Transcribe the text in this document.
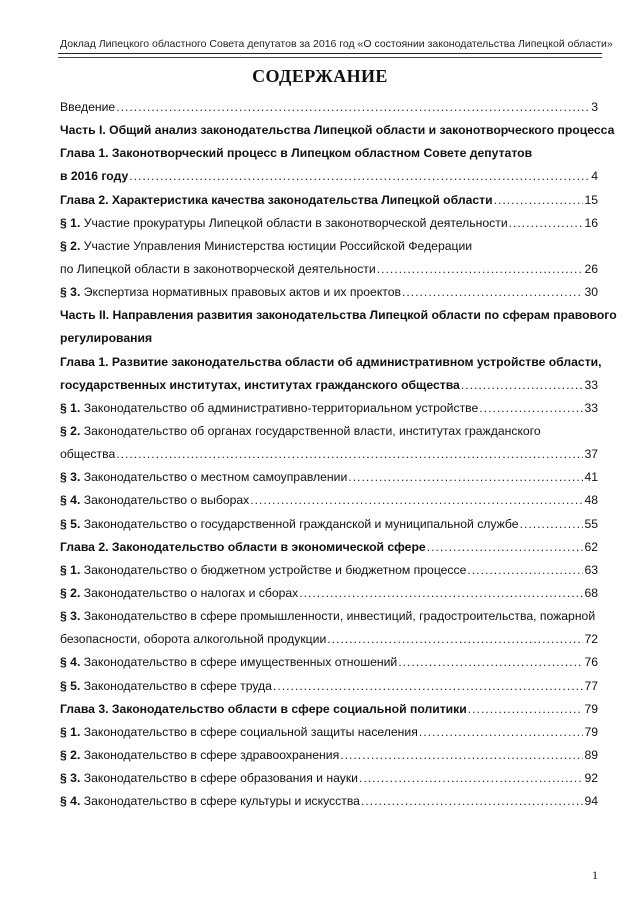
Доклад Липецкого областного Совета депутатов за 2016 год «О состоянии законодательства Липецкой области»
СОДЕРЖАНИЕ
Введение .....	3
Часть I. Общий анализ законодательства Липецкой области и законотворческого процесса
Глава 1. Законотворческий процесс в Липецком областном Совете депутатов
в 2016 году .....	4
Глава 2. Характеристика качества законодательства Липецкой области .....	15
§ 1. Участие прокуратуры Липецкой области в законотворческой деятельности .....	16
§ 2. Участие Управления Министерства юстиции Российской Федерации
по Липецкой области в законотворческой деятельности .....	26
§ 3. Экспертиза нормативных правовых актов и их проектов .....	30
Часть II. Направления развития законодательства Липецкой области по сферам правового
регулирования
Глава 1. Развитие законодательства области об административном устройстве области,
государственных институтах, институтах гражданского общества .....	33
§ 1. Законодательство об административно-территориальном устройстве .....	33
§ 2. Законодательство об органах государственной власти, институтах гражданского
общества .....	37
§ 3. Законодательство о местном самоуправлении .....	41
§ 4. Законодательство о выборах .....	48
§ 5. Законодательство о государственной гражданской и муниципальной службе .....	55
Глава 2. Законодательство области в экономической сфере .....	62
§ 1. Законодательство о бюджетном устройстве и бюджетном процессе .....	63
§ 2. Законодательство о налогах и сборах .....	68
§ 3. Законодательство в сфере промышленности, инвестиций, градостроительства, пожарной
безопасности, оборота алкогольной продукции .....	72
§ 4. Законодательство в сфере имущественных отношений .....	76
§ 5. Законодательство в сфере труда .....	77
Глава 3. Законодательство области в сфере социальной политики .....	79
§ 1. Законодательство в сфере социальной защиты населения .....	79
§ 2. Законодательство в сфере здравоохранения .....	89
§ 3. Законодательство в сфере образования и науки .....	92
§ 4. Законодательство в сфере культуры и искусства .....	94
1
